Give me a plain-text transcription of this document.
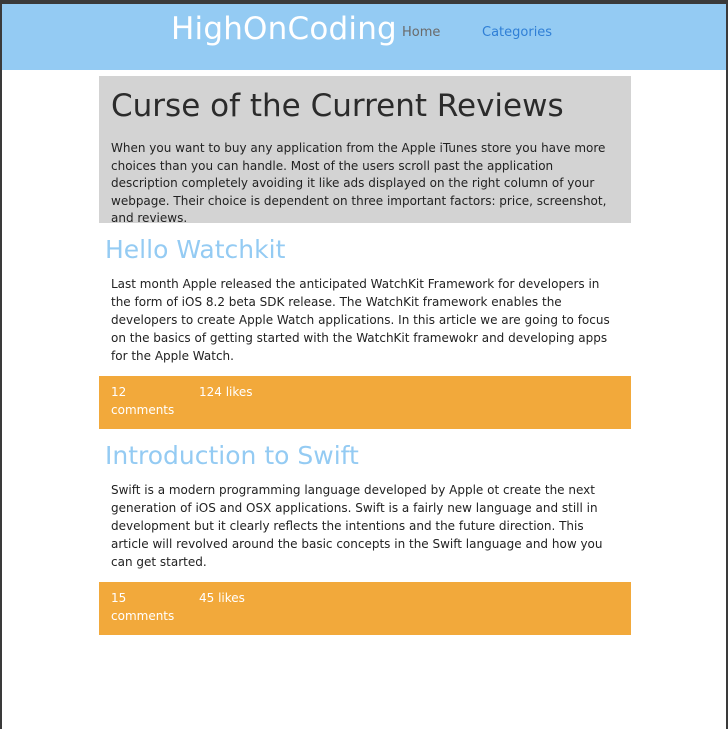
HighOnCoding Home	Categories
Curse of the Current Reviews

When you want to buy any application from the Apple iTunes store you have more choices than you can handle. Most of the users scroll past the application description completely avoiding it like ads displayed on the right column of your webpage. Their choice is dependent on three important factors: price, screenshot, and reviews.

Hello Watchkit

Last month Apple released the anticipated WatchKit Framework for developers in the form of iOS 8.2 beta SDK release. The WatchKit framework enables the developers to create Apple Watch applications. In this article we are going to focus on the basics of getting started with the WatchKit framewokr and developing apps for the Apple Watch.

12 comments
124 likes
Introduction to Swift

Swift is a modern programming language developed by Apple ot create the next generation of iOS and OSX applications. Swift is a fairly new language and still in development but it clearly reflects the intentions and the future direction. This article will revolved around the basic concepts in the Swift language and how you can get started.

15 comments
45 likes
